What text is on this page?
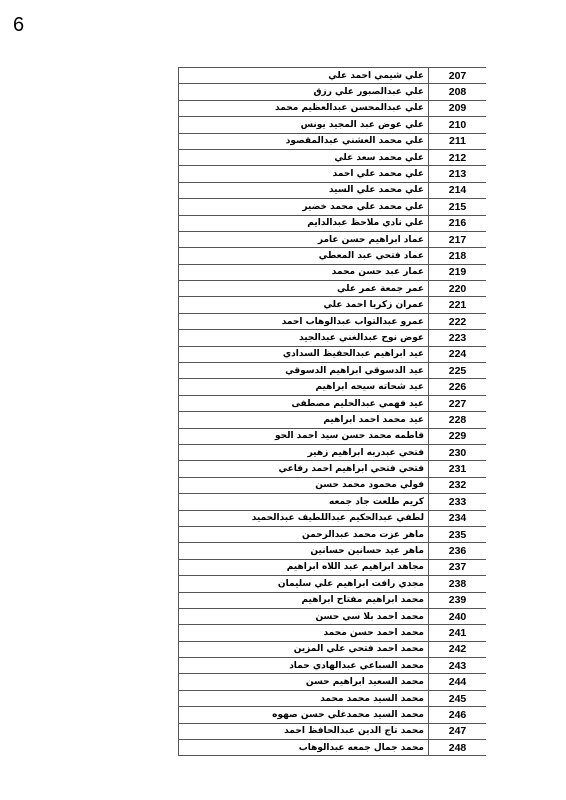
6
علي شيمي احمد علي	207
علي عبدالصبور علي رزق	208
علي عبدالمحسن عبدالعظيم محمد	209
علي عوض عبد المجيد يونس	210
علي محمد العشني عبدالمقصود	211
علي محمد سعد علي	212
علي محمد علي احمد	213
علي محمد علي السيد	214
علي محمد علي محمد خضير	215
علي نادي ملاحظ عبدالدايم	216
عماد ابراهيم حسن عامر	217
عماد فتحي عبد المعطي	218
عمار عبد حسن محمد	219
عمر جمعة عمر علي	220
عمران زكريا احمد علي	221
عمرو عبدالتواب عبدالوهاب احمد	222
عوض نوح عبدالغني عبدالجيد	223
عيد ابراهيم عبدالحفيظ السدادي	224
عيد الدسوقي ابراهيم الدسوقي	225
عيد شحاته سيحه ابراهيم	226
عيد فهمي عبدالحليم مصطفى	227
عيد محمد احمد ابراهيم	228
فاطمه محمد حسن سيد احمد الحو	229
فتحي عبدربه ابراهيم زهير	230
فتحي فتحي ابراهيم احمد رفاعي	231
فولي محمود محمد حسن	232
كريم طلعت جاد جمعه	233
لطفي عبدالحكيم عبداللطيف عبدالحميد	234
ماهر عزت محمد عبدالرحمن	235
ماهر عيد حسانين حسانين	236
مجاهد ابراهيم عبد اللاه ابراهيم	237
مجدي رافت ابراهيم علي سليمان	238
محمد ابراهيم مفتاح ابراهيم	239
محمد احمد بلا سي حسن	240
محمد احمد حسن محمد	241
محمد احمد فتحي علي المزين	242
محمد السباعي عبدالهادي حماد	243
محمد السعيد ابراهيم حسن	244
محمد السيد محمد محمد	245
محمد السيد محمدعلي حسن صهوه	246
محمد تاج الدين عبدالحافظ احمد	247
محمد جمال جمعه عبدالوهاب	248
